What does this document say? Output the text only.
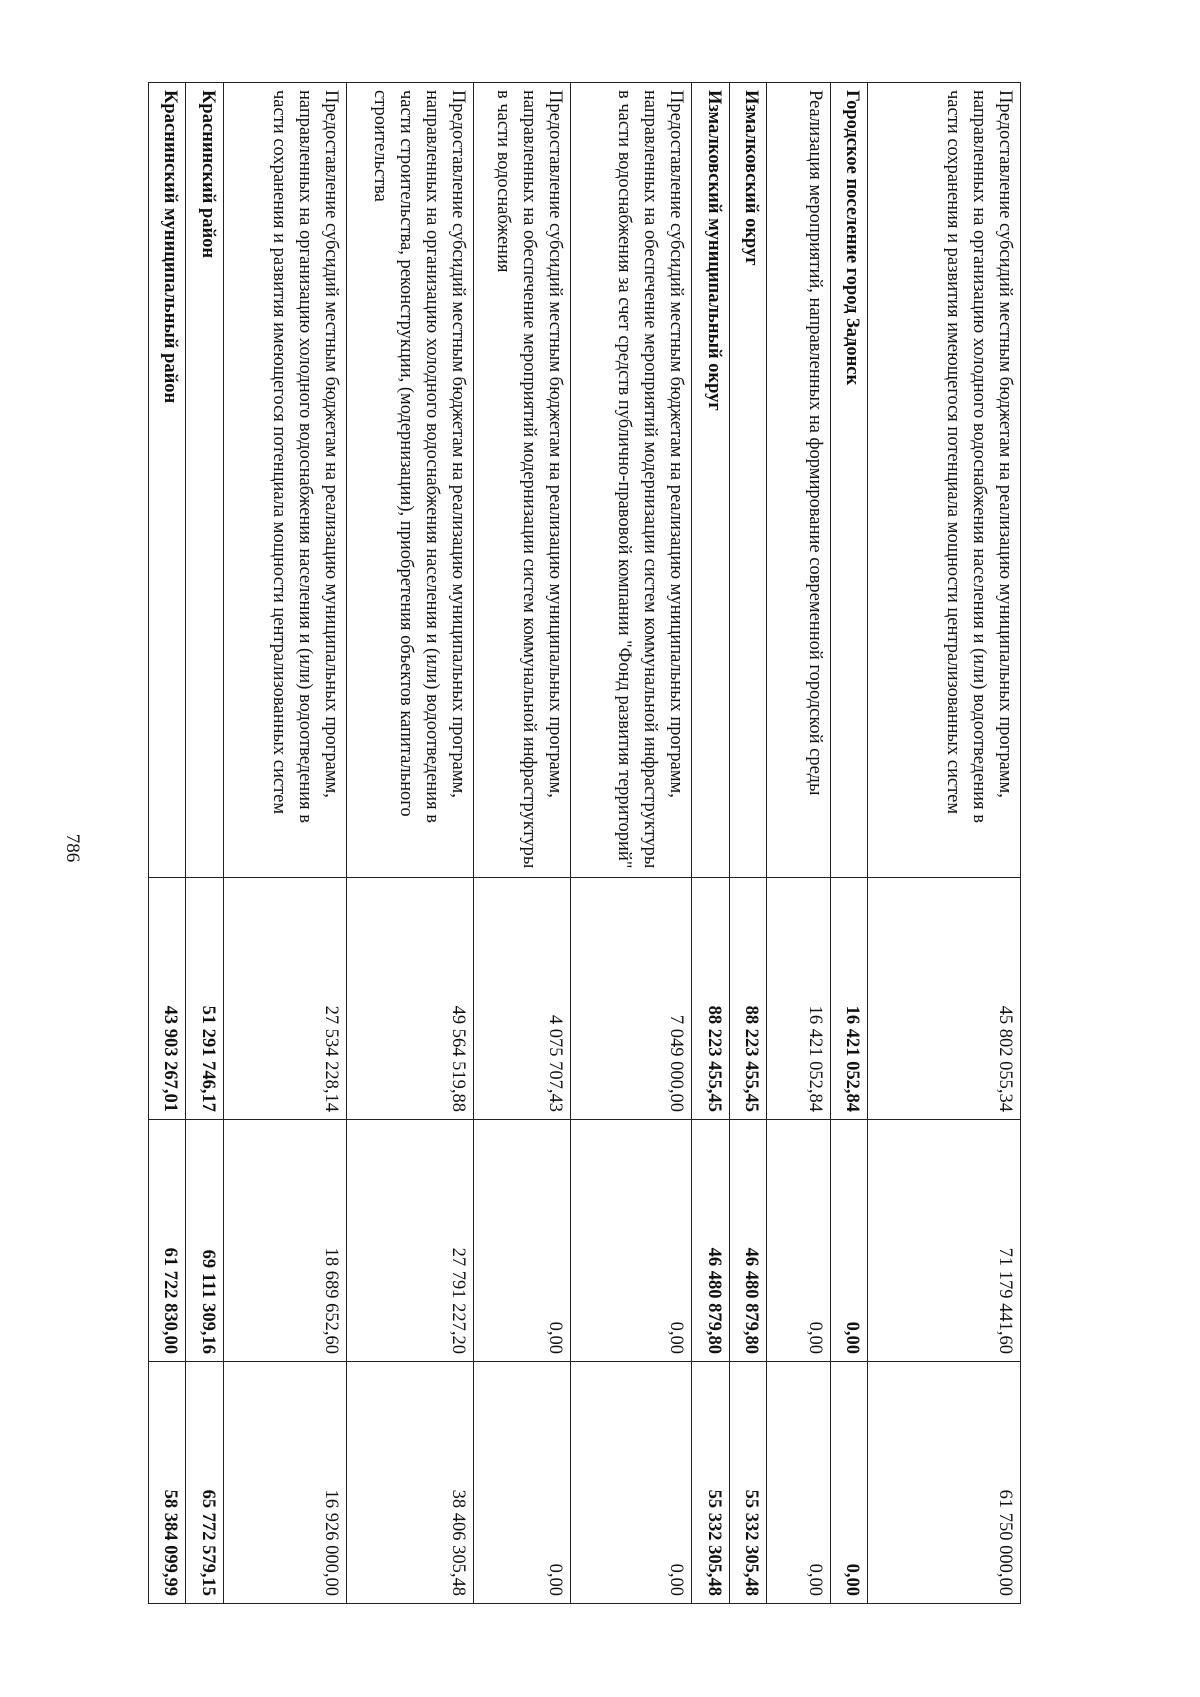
786
Предоставление субсидий местным бюджетам на реализацию муниципальных программ, направленных на организацию холодного водоснабжения населения и (или) водоотведения в части сохранения и развития имеющегося потенциала мощности централизованных систем	45 802 055,34	71 179 441,60	61 750 000,00
Городское поселение город Задонск	16 421 052,84	0,00	0,00
Реализация мероприятий, направленных на формирование современной городской среды	16 421 052,84	0,00	0,00
Измалковский округ	88 223 455,45	46 480 879,80	55 332 305,48
Измалковский муниципальный округ	88 223 455,45	46 480 879,80	55 332 305,48
Предоставление субсидий местным бюджетам на реализацию муниципальных программ, направленных на обеспечение мероприятий модернизации систем коммунальной инфраструктуры в части водоснабжения за счет средств публично-правовой компании "Фонд развития территорий"	7 049 000,00	0,00	0,00
Предоставление субсидий местным бюджетам на реализацию муниципальных программ, направленных на обеспечение мероприятий модернизации систем коммунальной инфраструктуры в части водоснабжения	4 075 707,43	0,00	0,00
Предоставление субсидий местным бюджетам на реализацию муниципальных программ, направленных на организацию холодного водоснабжения населения и (или) водоотведения в части строительства, реконструкции, (модернизации), приобретения объектов капитального строительства	49 564 519,88	27 791 227,20	38 406 305,48
Предоставление субсидий местным бюджетам на реализацию муниципальных программ, направленных на организацию холодного водоснабжения населения и (или) водоотведения в части сохранения и развития имеющегося потенциала мощности централизованных систем	27 534 228,14	18 689 652,60	16 926 000,00
Краснинский район	51 291 746,17	69 111 309,16	65 772 579,15
Краснинский муниципальный район	43 903 267,01	61 722 830,00	58 384 099,99
